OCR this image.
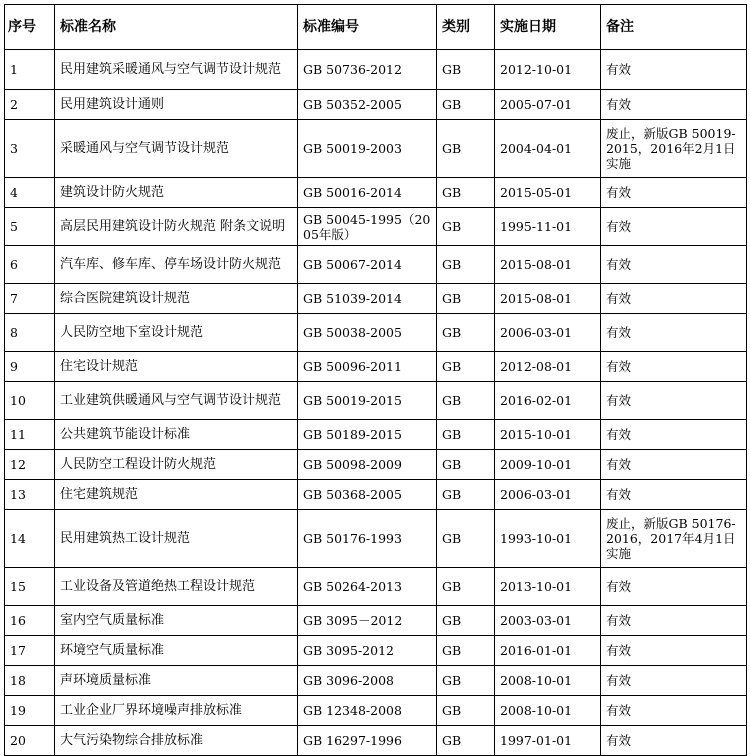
序号	标准名称	标准编号	类别	实施日期	备注
1	民用建筑采暖通风与空气调节设计规范	GB 50736-2012	GB	2012-10-01	有效
2	民用建筑设计通则	GB 50352-2005	GB	2005-07-01	有效
3	采暖通风与空气调节设计规范	GB 50019-2003	GB	2004-04-01	废止，新版GB 50019-2015，2016年2月1日实施
4	建筑设计防火规范	GB 50016-2014	GB	2015-05-01	有效
5	高层民用建筑设计防火规范 附条文说明	GB 50045-1995（2005年版）	GB	1995-11-01	有效
6	汽车库、修车库、停车场设计防火规范	GB 50067-2014	GB	2015-08-01	有效
7	综合医院建筑设计规范	GB 51039-2014	GB	2015-08-01	有效
8	人民防空地下室设计规范	GB 50038-2005	GB	2006-03-01	有效
9	住宅设计规范	GB 50096-2011	GB	2012-08-01	有效
10	工业建筑供暖通风与空气调节设计规范	GB 50019-2015	GB	2016-02-01	有效
11	公共建筑节能设计标准	GB 50189-2015	GB	2015-10-01	有效
12	人民防空工程设计防火规范	GB 50098-2009	GB	2009-10-01	有效
13	住宅建筑规范	GB 50368-2005	GB	2006-03-01	有效
14	民用建筑热工设计规范	GB 50176-1993	GB	1993-10-01	废止，新版GB 50176-2016，2017年4月1日实施
15	工业设备及管道绝热工程设计规范	GB 50264-2013	GB	2013-10-01	有效
16	室内空气质量标准	GB 3095－2012	GB	2003-03-01	有效
17	环境空气质量标准	GB 3095-2012	GB	2016-01-01	有效
18	声环境质量标准	GB 3096-2008	GB	2008-10-01	有效
19	工业企业厂界环境噪声排放标准	GB 12348-2008	GB	2008-10-01	有效
20	大气污染物综合排放标准	GB 16297-1996	GB	1997-01-01	有效
